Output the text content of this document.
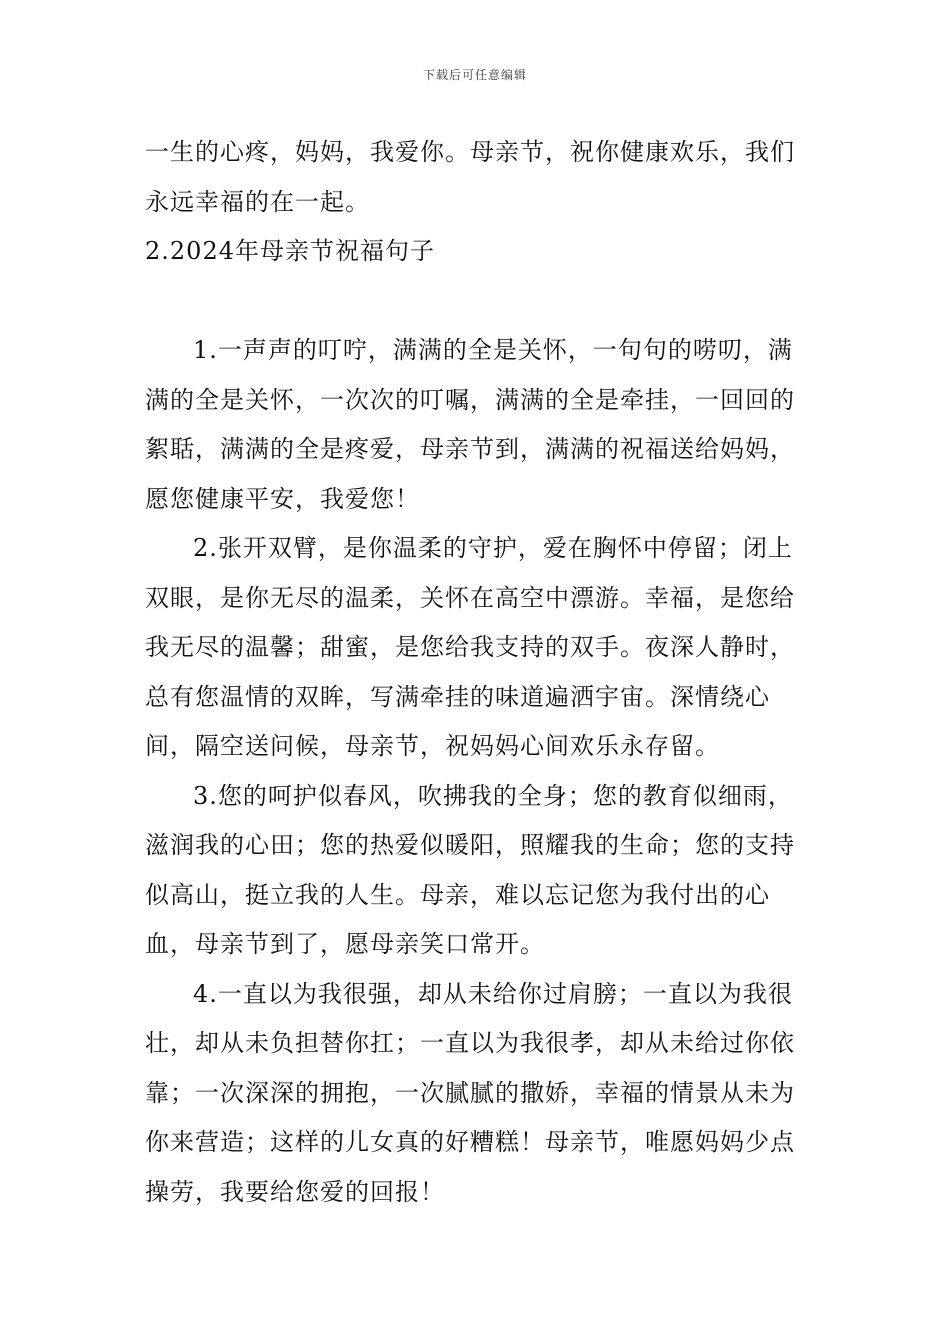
下载后可任意编辑

一生的心疼，妈妈，我爱你。母亲节，祝你健康欢乐，我们永远幸福的在一起。

2.2024年母亲节祝福句子

1.一声声的叮咛，满满的全是关怀，一句句的唠叨，满满的全是关怀，一次次的叮嘱，满满的全是牵挂，一回回的絮聒，满满的全是疼爱，母亲节到，满满的祝福送给妈妈，愿您健康平安，我爱您！

2.张开双臂，是你温柔的守护，爱在胸怀中停留；闭上双眼，是你无尽的温柔，关怀在高空中漂游。幸福，是您给我无尽的温馨；甜蜜，是您给我支持的双手。夜深人静时，总有您温情的双眸，写满牵挂的味道遍洒宇宙。深情绕心间，隔空送问候，母亲节，祝妈妈心间欢乐永存留。

3.您的呵护似春风，吹拂我的全身；您的教育似细雨，滋润我的心田；您的热爱似暖阳，照耀我的生命；您的支持似高山，挺立我的人生。母亲，难以忘记您为我付出的心血，母亲节到了，愿母亲笑口常开。

4.一直以为我很强，却从未给你过肩膀；一直以为我很壮，却从未负担替你扛；一直以为我很孝，却从未给过你依靠；一次深深的拥抱，一次腻腻的撒娇，幸福的情景从未为你来营造；这样的儿女真的好糟糕！母亲节，唯愿妈妈少点操劳，我要给您爱的回报！
